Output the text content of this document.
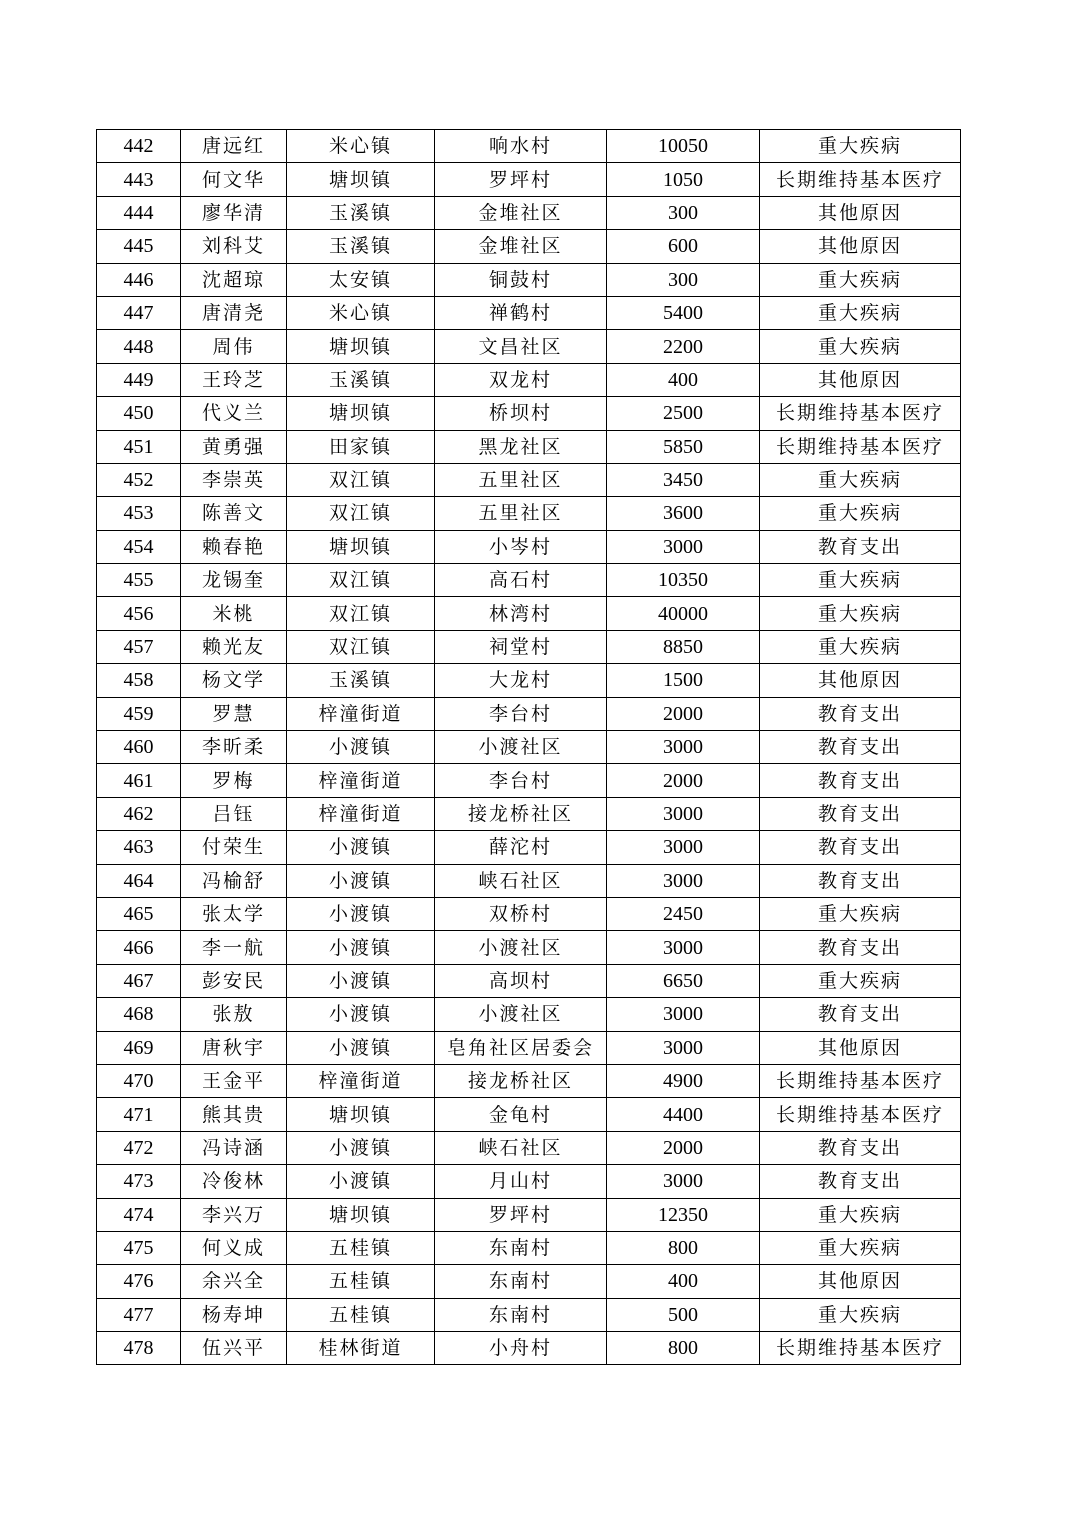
442	唐远红	米心镇	响水村	10050	重大疾病
443	何文华	塘坝镇	罗坪村	1050	长期维持基本医疗
444	廖华清	玉溪镇	金堆社区	300	其他原因
445	刘科艾	玉溪镇	金堆社区	600	其他原因
446	沈超琼	太安镇	铜鼓村	300	重大疾病
447	唐清尧	米心镇	禅鹤村	5400	重大疾病
448	周伟	塘坝镇	文昌社区	2200	重大疾病
449	王玲芝	玉溪镇	双龙村	400	其他原因
450	代义兰	塘坝镇	桥坝村	2500	长期维持基本医疗
451	黄勇强	田家镇	黑龙社区	5850	长期维持基本医疗
452	李崇英	双江镇	五里社区	3450	重大疾病
453	陈善文	双江镇	五里社区	3600	重大疾病
454	赖春艳	塘坝镇	小岑村	3000	教育支出
455	龙锡奎	双江镇	高石村	10350	重大疾病
456	米桃	双江镇	林湾村	40000	重大疾病
457	赖光友	双江镇	祠堂村	8850	重大疾病
458	杨文学	玉溪镇	大龙村	1500	其他原因
459	罗慧	梓潼街道	李台村	2000	教育支出
460	李昕柔	小渡镇	小渡社区	3000	教育支出
461	罗梅	梓潼街道	李台村	2000	教育支出
462	吕钰	梓潼街道	接龙桥社区	3000	教育支出
463	付荣生	小渡镇	薛沱村	3000	教育支出
464	冯榆舒	小渡镇	峡石社区	3000	教育支出
465	张太学	小渡镇	双桥村	2450	重大疾病
466	李一航	小渡镇	小渡社区	3000	教育支出
467	彭安民	小渡镇	高坝村	6650	重大疾病
468	张敖	小渡镇	小渡社区	3000	教育支出
469	唐秋宇	小渡镇	皂角社区居委会	3000	其他原因
470	王金平	梓潼街道	接龙桥社区	4900	长期维持基本医疗
471	熊其贵	塘坝镇	金龟村	4400	长期维持基本医疗
472	冯诗涵	小渡镇	峡石社区	2000	教育支出
473	冷俊林	小渡镇	月山村	3000	教育支出
474	李兴万	塘坝镇	罗坪村	12350	重大疾病
475	何义成	五桂镇	东南村	800	重大疾病
476	余兴全	五桂镇	东南村	400	其他原因
477	杨寿坤	五桂镇	东南村	500	重大疾病
478	伍兴平	桂林街道	小舟村	800	长期维持基本医疗
